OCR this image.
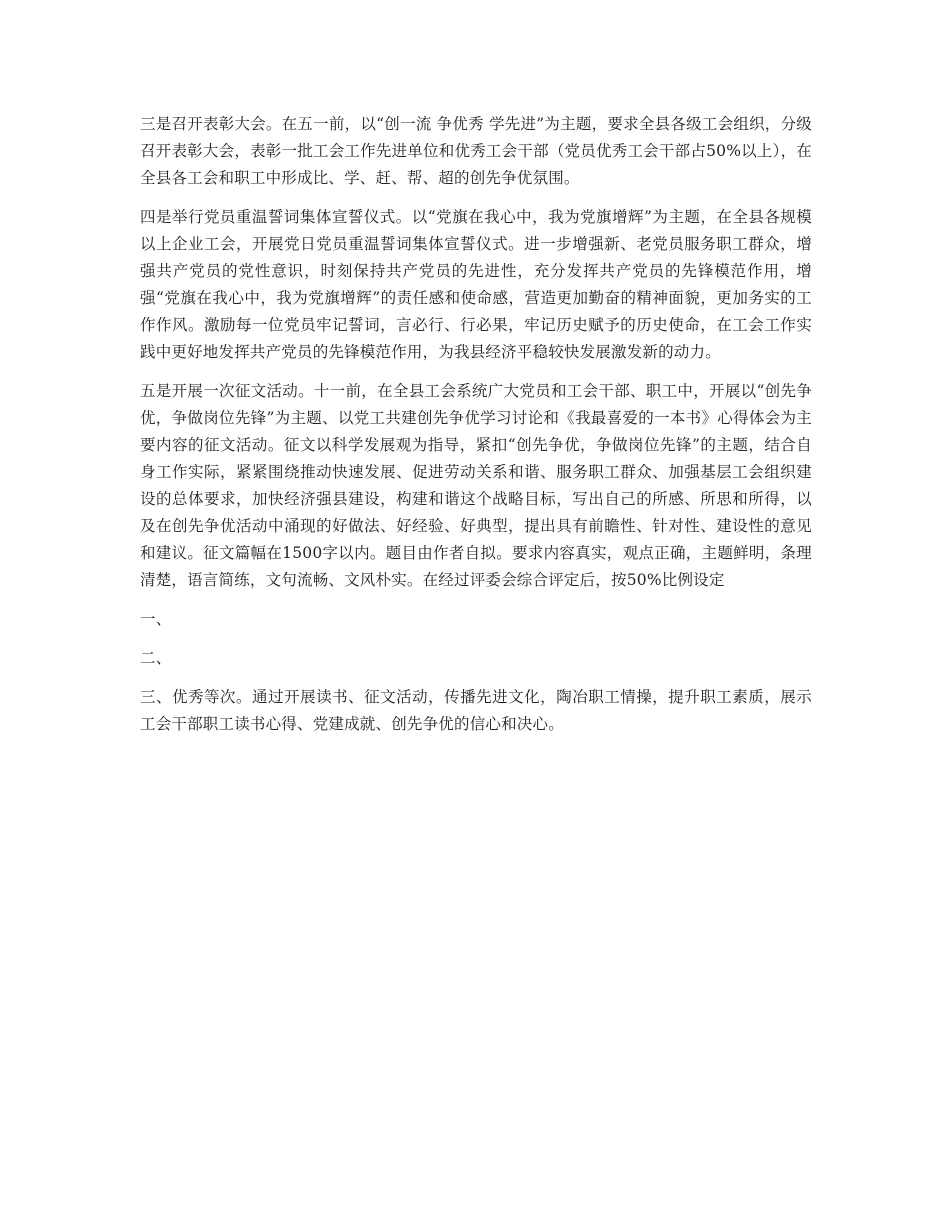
三是召开表彰大会。在五一前，以“创一流 争优秀 学先进”为主题，要求全县各级工会组织，分级召开表彰大会，表彰一批工会工作先进单位和优秀工会干部（党员优秀工会干部占50%以上），在全县各工会和职工中形成比、学、赶、帮、超的创先争优氛围。

四是举行党员重温誓词集体宣誓仪式。以“党旗在我心中，我为党旗增辉”为主题，在全县各规模以上企业工会，开展党日党员重温誓词集体宣誓仪式。进一步增强新、老党员服务职工群众，增强共产党员的党性意识，时刻保持共产党员的先进性，充分发挥共产党员的先锋模范作用，增强“党旗在我心中，我为党旗增辉”的责任感和使命感，营造更加勤奋的精神面貌，更加务实的工作作风。激励每一位党员牢记誓词，言必行、行必果，牢记历史赋予的历史使命，在工会工作实践中更好地发挥共产党员的先锋模范作用，为我县经济平稳较快发展激发新的动力。

五是开展一次征文活动。十一前，在全县工会系统广大党员和工会干部、职工中，开展以“创先争优，争做岗位先锋”为主题、以党工共建创先争优学习讨论和《我最喜爱的一本书》心得体会为主要内容的征文活动。征文以科学发展观为指导，紧扣“创先争优，争做岗位先锋”的主题，结合自身工作实际，紧紧围绕推动快速发展、促进劳动关系和谐、服务职工群众、加强基层工会组织建设的总体要求，加快经济强县建设，构建和谐这个战略目标，写出自己的所感、所思和所得，以及在创先争优活动中涌现的好做法、好经验、好典型，提出具有前瞻性、针对性、建设性的意见和建议。征文篇幅在1500字以内。题目由作者自拟。要求内容真实，观点正确，主题鲜明，条理清楚，语言简练，文句流畅、文风朴实。在经过评委会综合评定后，按50%比例设定

一、

二、

三、优秀等次。通过开展读书、征文活动，传播先进文化，陶冶职工情操，提升职工素质，展示工会干部职工读书心得、党建成就、创先争优的信心和决心。
